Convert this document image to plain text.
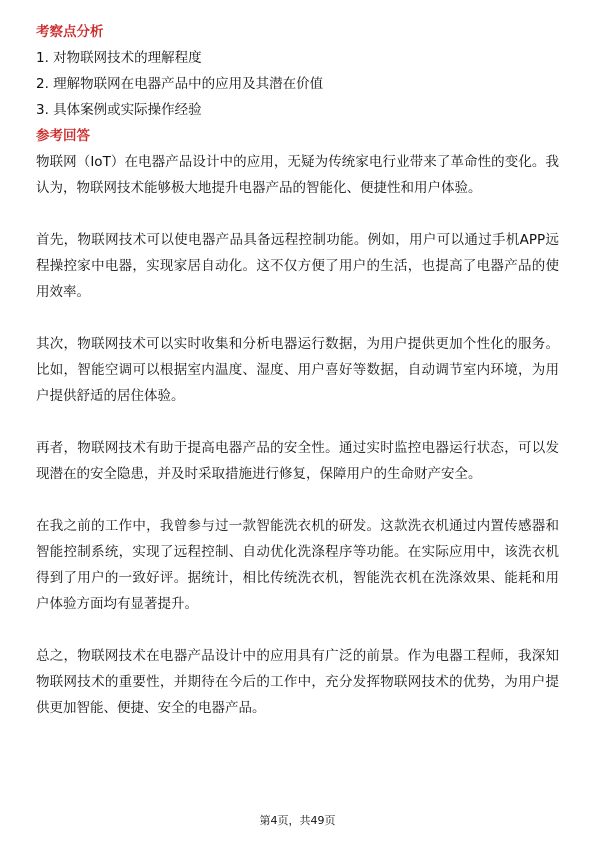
考察点分析
1. 对物联网技术的理解程度
2. 理解物联网在电器产品中的应用及其潜在价值
3. 具体案例或实际操作经验
参考回答

物联网（IoT）在电器产品设计中的应用，无疑为传统家电行业带来了革命性的变化。我认为，物联网技术能够极大地提升电器产品的智能化、便捷性和用户体验。

首先，物联网技术可以使电器产品具备远程控制功能。例如，用户可以通过手机APP远程操控家中电器，实现家居自动化。这不仅方便了用户的生活，也提高了电器产品的使用效率。

其次，物联网技术可以实时收集和分析电器运行数据，为用户提供更加个性化的服务。比如，智能空调可以根据室内温度、湿度、用户喜好等数据，自动调节室内环境，为用户提供舒适的居住体验。

再者，物联网技术有助于提高电器产品的安全性。通过实时监控电器运行状态，可以发现潜在的安全隐患，并及时采取措施进行修复，保障用户的生命财产安全。

在我之前的工作中，我曾参与过一款智能洗衣机的研发。这款洗衣机通过内置传感器和智能控制系统，实现了远程控制、自动优化洗涤程序等功能。在实际应用中，该洗衣机得到了用户的一致好评。据统计，相比传统洗衣机，智能洗衣机在洗涤效果、能耗和用户体验方面均有显著提升。

总之，物联网技术在电器产品设计中的应用具有广泛的前景。作为电器工程师，我深知物联网技术的重要性，并期待在今后的工作中，充分发挥物联网技术的优势，为用户提供更加智能、便捷、安全的电器产品。

第4页，共49页
